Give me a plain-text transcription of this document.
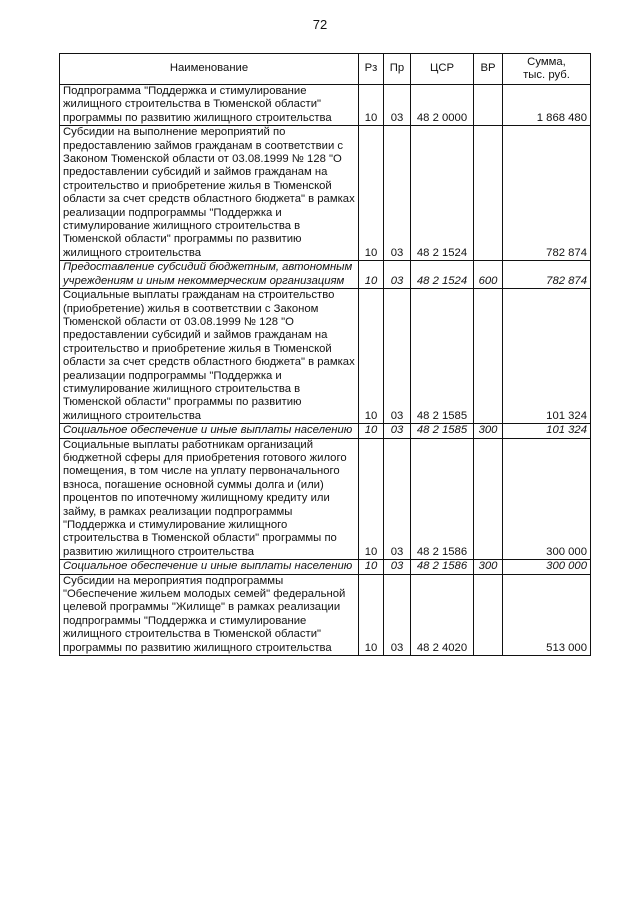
72
Наименование	Рз	Пр	ЦСР	ВР	Сумма,
тыс. руб.

Подпрограмма "Поддержка и стимулирование жилищного строительства в Тюменской области" программы по развитию жилищного строительства	10	03	48 2 0000		1 868 480
Субсидии на выполнение мероприятий по предоставлению займов гражданам в соответствии с Законом Тюменской области от 03.08.1999 № 128 "О предоставлении субсидий и займов гражданам на строительство и приобретение жилья в Тюменской области за счет средств областного бюджета" в рамках реализации подпрограммы "Поддержка и стимулирование жилищного строительства в Тюменской области" программы по развитию жилищного строительства	10	03	48 2 1524		782 874
Предоставление субсидий бюджетным, автономным учреждениям и иным некоммерческим организациям	10	03	48 2 1524	600	782 874
Социальные выплаты гражданам на строительство (приобретение) жилья в соответствии с Законом Тюменской области от 03.08.1999 № 128 "О предоставлении субсидий и займов гражданам на строительство и приобретение жилья в Тюменской области за счет средств областного бюджета" в рамках реализации подпрограммы "Поддержка и стимулирование жилищного строительства в Тюменской области" программы по развитию жилищного строительства	10	03	48 2 1585		101 324
Социальное обеспечение и иные выплаты населению	10	03	48 2 1585	300	101 324
Социальные выплаты работникам организаций бюджетной сферы для приобретения готового жилого помещения, в том числе на уплату первоначального взноса, погашение основной суммы долга и (или) процентов по ипотечному жилищному кредиту или займу, в рамках реализации подпрограммы "Поддержка и стимулирование жилищного строительства в Тюменской области" программы по развитию жилищного строительства	10	03	48 2 1586		300 000
Социальное обеспечение и иные выплаты населению	10	03	48 2 1586	300	300 000
Субсидии на мероприятия подпрограммы "Обеспечение жильем молодых семей" федеральной целевой программы "Жилище" в рамках реализации подпрограммы "Поддержка и стимулирование жилищного строительства в Тюменской области" программы по развитию жилищного строительства	10	03	48 2 4020		513 000
